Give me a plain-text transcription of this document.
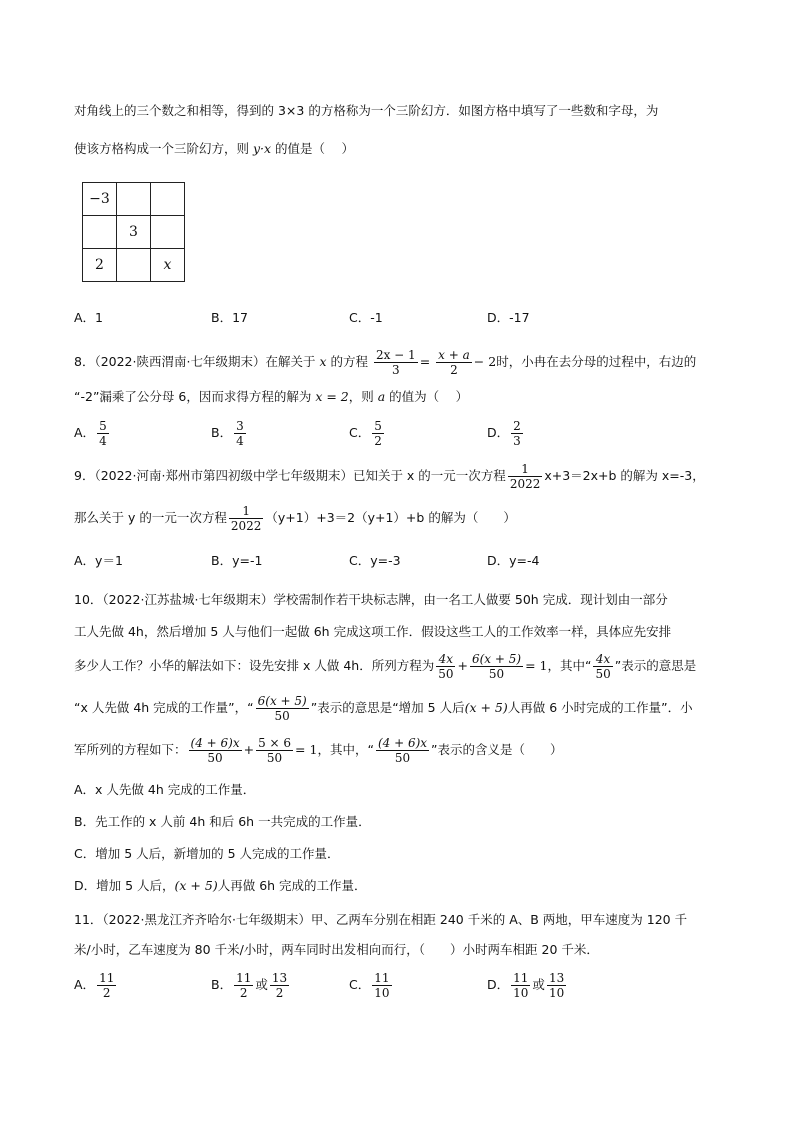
对角线上的三个数之和相等，得到的 3×3 的方格称为一个三阶幻方．如图方格中填写了一些数和字母，为
使该方格构成一个三阶幻方，则 y·x 的值是（　 ）
−3		
	3	
2		x
A．1	B．17	C．-1	D．-17
8．（2022·陕西渭南·七年级期末）在解关于 x 的方程 $\frac{2x - 1}{3} = \frac{x + a}{2} - 2$时，小冉在去分母的过程中，右边的
“-2”漏乘了公分母 6，因而求得方程的解为 x = 2，则 a 的值为（　 ）
A． $\frac{5}{4}$	B． $\frac{3}{4}$	C． $\frac{5}{2}$	D． $\frac{2}{3}$
9．（2022·河南·郑州市第四初级中学七年级期末）已知关于 x 的一元一次方程 $\frac{1}{2022} x+3=2x+b$ 的解为 x=-3，
那么关于 y 的一元一次方程 $\frac{1}{2022} (y+1)+3=2(y+1)+b$ 的解为（　　）
A．y＝1	B．y=-1	C．y=-3	D．y=-4
10．（2022·江苏盐城·七年级期末）学校需制作若干块标志牌，由一名工人做要 50h 完成．现计划由一部分
工人先做 4h，然后增加 5 人与他们一起做 6h 完成这项工作．假设这些工人的工作效率一样，具体应先安排
多少人工作？小华的解法如下：设先安排 x 人做 4h．所列方程为 $\frac{4x}{50} + \frac{6(x + 5)}{50} = 1$，其中“ $\frac{4x}{50}$ ”表示的意思是
“x 人先做 4h 完成的工作量”，“ $\frac{6(x + 5)}{50}$ ”表示的意思是“增加 5 人后(x + 5)人再做 6 小时完成的工作量”．小
军所列的方程如下： $\frac{(4 + 6)x}{50} + \frac{5 \times 6}{50} = 1$，其中，“ $\frac{(4 + 6)x}{50}$ ”表示的含义是（　　）
A．x 人先做 4h 完成的工作量．
B．先工作的 x 人前 4h 和后 6h 一共完成的工作量．
C．增加 5 人后，新增加的 5 人完成的工作量．
D．增加 5 人后，(x + 5)人再做 6h 完成的工作量．
11．（2022·黑龙江齐齐哈尔·七年级期末）甲、乙两车分别在相距 240 千米的 A、B 两地，甲车速度为 120 千
米/小时，乙车速度为 80 千米/小时，两车同时出发相向而行，（　　）小时两车相距 20 千米．
A． $\frac{11}{2}$	B． $\frac{11}{2}$ 或 $\frac{13}{2}$	C． $\frac{11}{10}$	D． $\frac{11}{10}$ 或 $\frac{13}{10}$
